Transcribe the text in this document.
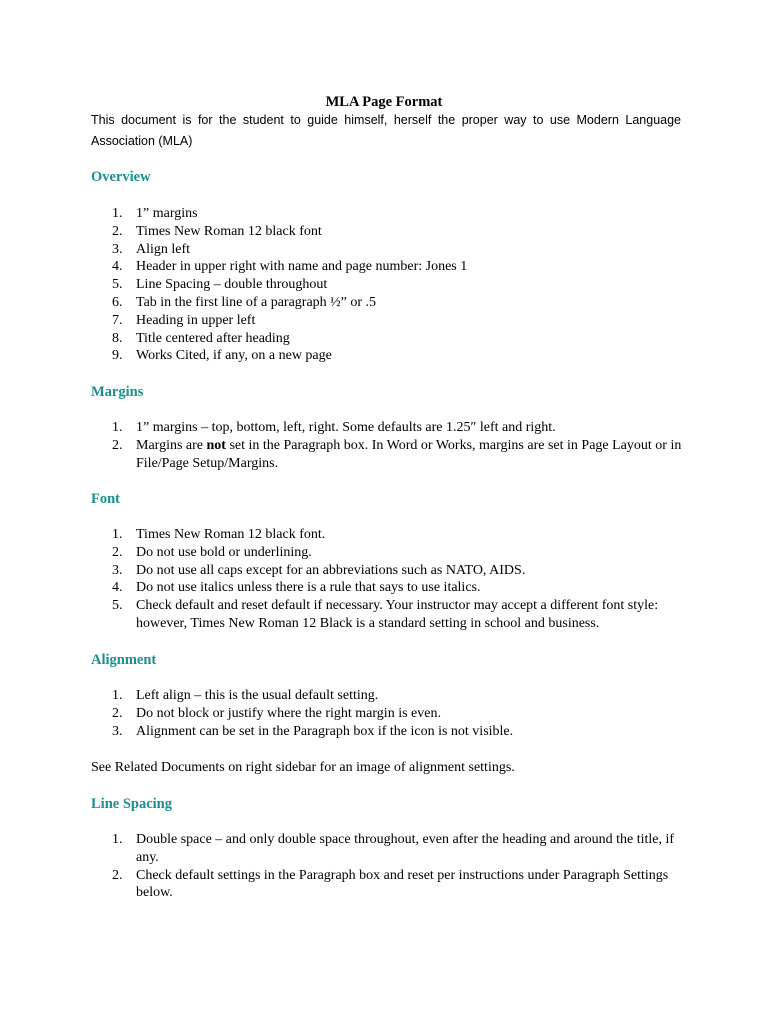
MLA Page Format
This document is for the student to guide himself, herself the proper way to use Modern Language Association (MLA)
Overview
1. 1” margins
2. Times New Roman 12 black font
3. Align left
4. Header in upper right with name and page number: Jones 1
5. Line Spacing – double throughout
6. Tab in the first line of a paragraph ½” or .5
7. Heading in upper left
8. Title centered after heading
9. Works Cited, if any, on a new page
Margins
1. 1” margins – top, bottom, left, right. Some defaults are 1.25″ left and right.
2. Margins are not set in the Paragraph box. In Word or Works, margins are set in Page Layout or in File/Page Setup/Margins.
Font
1. Times New Roman 12 black font.
2. Do not use bold or underlining.
3. Do not use all caps except for an abbreviations such as NATO, AIDS.
4. Do not use italics unless there is a rule that says to use italics.
5. Check default and reset default if necessary. Your instructor may accept a different font style: however, Times New Roman 12 Black is a standard setting in school and business.
Alignment
1. Left align – this is the usual default setting.
2. Do not block or justify where the right margin is even.
3. Alignment can be set in the Paragraph box if the icon is not visible.
See Related Documents on right sidebar for an image of alignment settings.
Line Spacing
1. Double space – and only double space throughout, even after the heading and around the title, if any.
2. Check default settings in the Paragraph box and reset per instructions under Paragraph Settings below.
